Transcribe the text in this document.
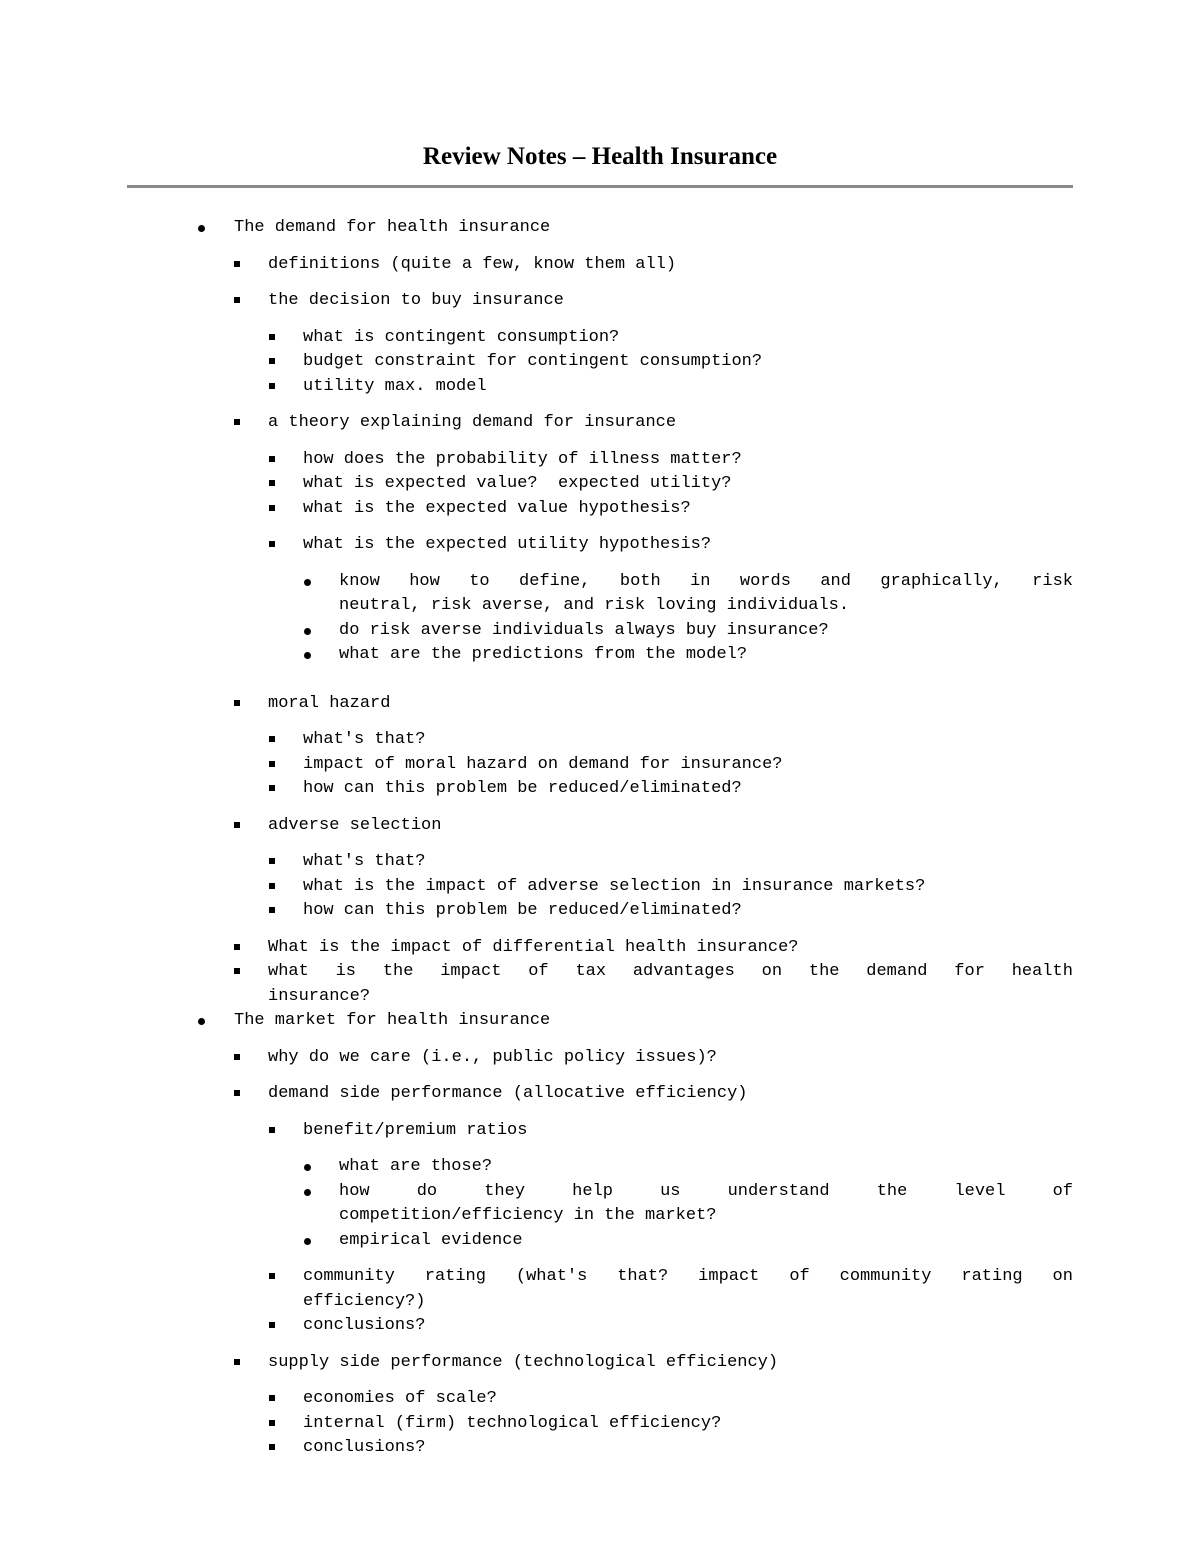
Review Notes – Health Insurance
The demand for health insurance
definitions (quite a few, know them all)
the decision to buy insurance
what is contingent consumption?
budget constraint for contingent consumption?
utility max. model
a theory explaining demand for insurance
how does the probability of illness matter?
what is expected value?  expected utility?
what is the expected value hypothesis?
what is the expected utility hypothesis?
know how to define, both in words and graphically, risk
neutral, risk averse, and risk loving individuals.
do risk averse individuals always buy insurance?
what are the predictions from the model?
moral hazard
what's that?
impact of moral hazard on demand for insurance?
how can this problem be reduced/eliminated?
adverse selection
what's that?
what is the impact of adverse selection in insurance markets?
how can this problem be reduced/eliminated?
What is the impact of differential health insurance?
what is the impact of tax advantages on the demand for health
insurance?
The market for health insurance
why do we care (i.e., public policy issues)?
demand side performance (allocative efficiency)
benefit/premium ratios
what are those?
how	do	they	help	us	understand	the	level	of
competition/efficiency in the market?
empirical evidence
community rating (what's that? impact of community rating on
efficiency?)
conclusions?
supply side performance (technological efficiency)
economies of scale?
internal (firm) technological efficiency?
conclusions?
